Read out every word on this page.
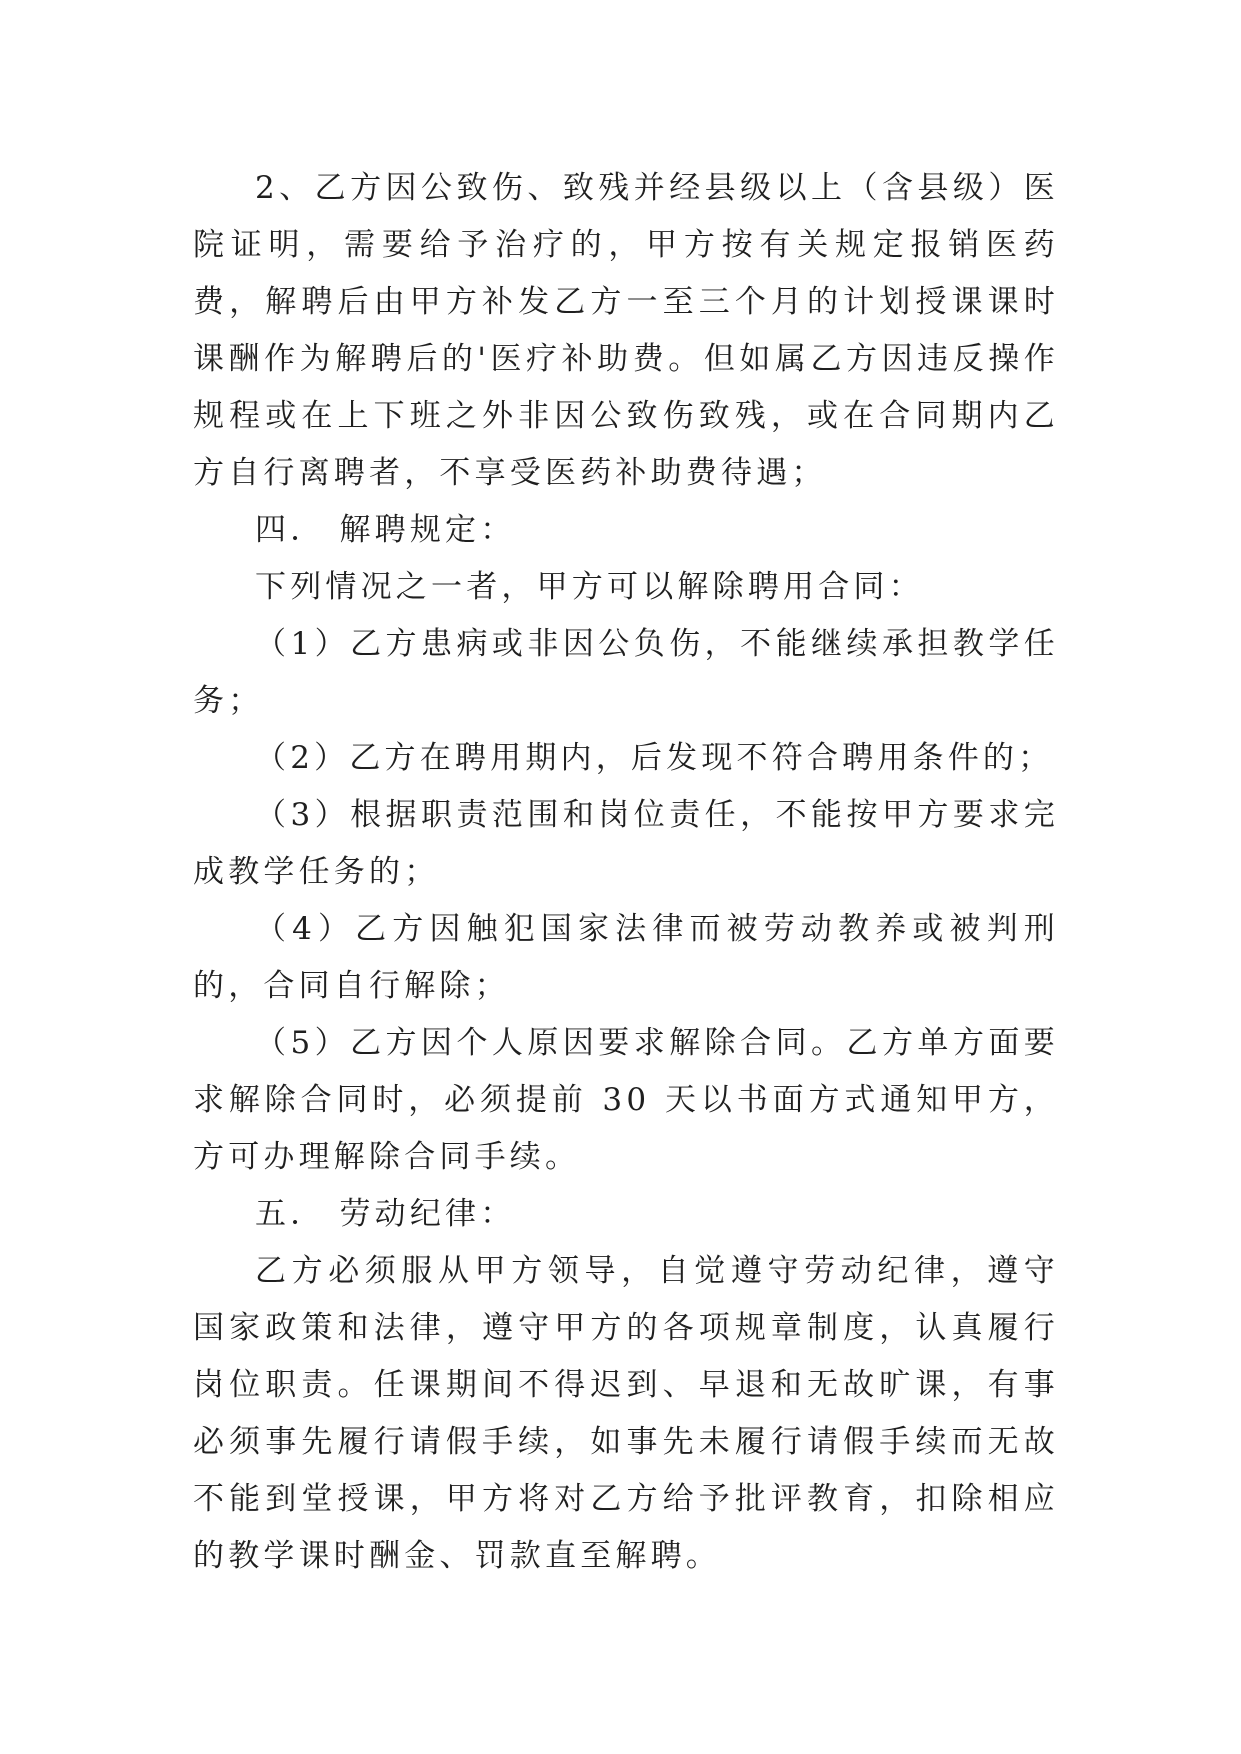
2、乙方因公致伤、致残并经县级以上（含县级）医院证明，需要给予治疗的，甲方按有关规定报销医药费，解聘后由甲方补发乙方一至三个月的计划授课课时课酬作为解聘后的'医疗补助费。但如属乙方因违反操作规程或在上下班之外非因公致伤致残，或在合同期内乙方自行离聘者，不享受医药补助费待遇；

四． 解聘规定：

下列情况之一者，甲方可以解除聘用合同：

（1）乙方患病或非因公负伤，不能继续承担教学任务；

（2）乙方在聘用期内，后发现不符合聘用条件的；

（3）根据职责范围和岗位责任，不能按甲方要求完成教学任务的；

（4）乙方因触犯国家法律而被劳动教养或被判刑的，合同自行解除；

（5）乙方因个人原因要求解除合同。乙方单方面要求解除合同时，必须提前 30 天以书面方式通知甲方，方可办理解除合同手续。

五． 劳动纪律：

乙方必须服从甲方领导，自觉遵守劳动纪律，遵守国家政策和法律，遵守甲方的各项规章制度，认真履行岗位职责。任课期间不得迟到、早退和无故旷课，有事必须事先履行请假手续，如事先未履行请假手续而无故不能到堂授课，甲方将对乙方给予批评教育，扣除相应的教学课时酬金、罚款直至解聘。
